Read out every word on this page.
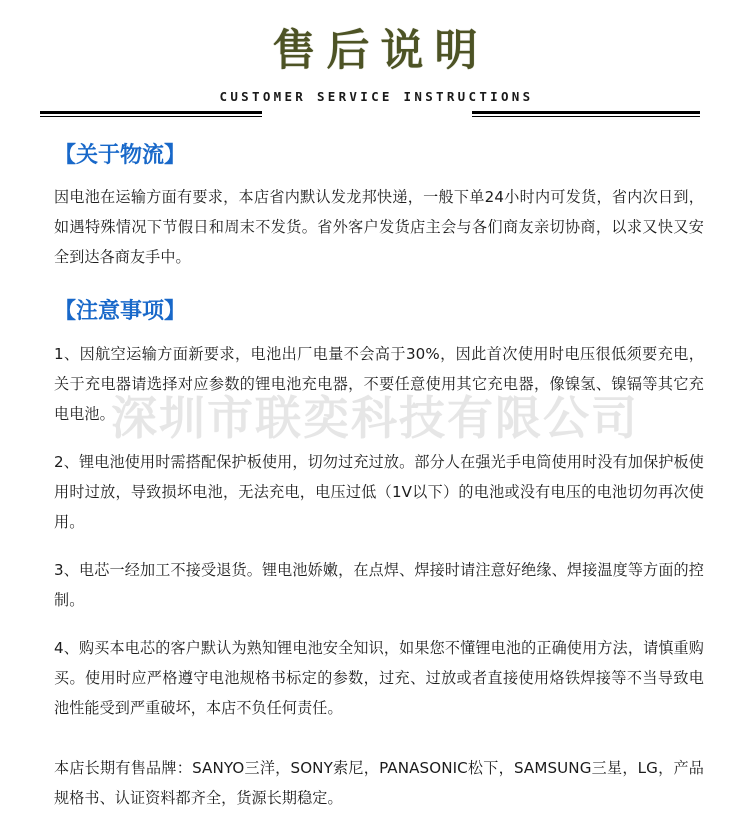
深圳市联奕科技有限公司
售后说明
CUSTOMER SERVICE INSTRUCTIONS
【关于物流】

因电池在运输方面有要求，本店省内默认发龙邦快递，一般下单24小时内可发货，省内次日到，如遇特殊情况下节假日和周末不发货。省外客户发货店主会与各们商友亲切协商，以求又快又安全到达各商友手中。

【注意事项】

1、因航空运输方面新要求，电池出厂电量不会高于30%，因此首次使用时电压很低须要充电，关于充电器请选择对应参数的锂电池充电器，不要任意使用其它充电器，像镍氢、镍镉等其它充电电池。

2、锂电池使用时需搭配保护板使用，切勿过充过放。部分人在强光手电筒使用时没有加保护板使用时过放，导致损坏电池，无法充电，电压过低（1V以下）的电池或没有电压的电池切勿再次使用。

3、电芯一经加工不接受退货。锂电池娇嫩，在点焊、焊接时请注意好绝缘、焊接温度等方面的控制。

4、购买本电芯的客户默认为熟知锂电池安全知识，如果您不懂锂电池的正确使用方法，请慎重购买。使用时应严格遵守电池规格书标定的参数，过充、过放或者直接使用烙铁焊接等不当导致电池性能受到严重破坏，本店不负任何责任。

本店长期有售品牌：SANYO三洋，SONY索尼，PANASONIC松下，SAMSUNG三星，LG，产品规格书、认证资料都齐全，货源长期稳定。
